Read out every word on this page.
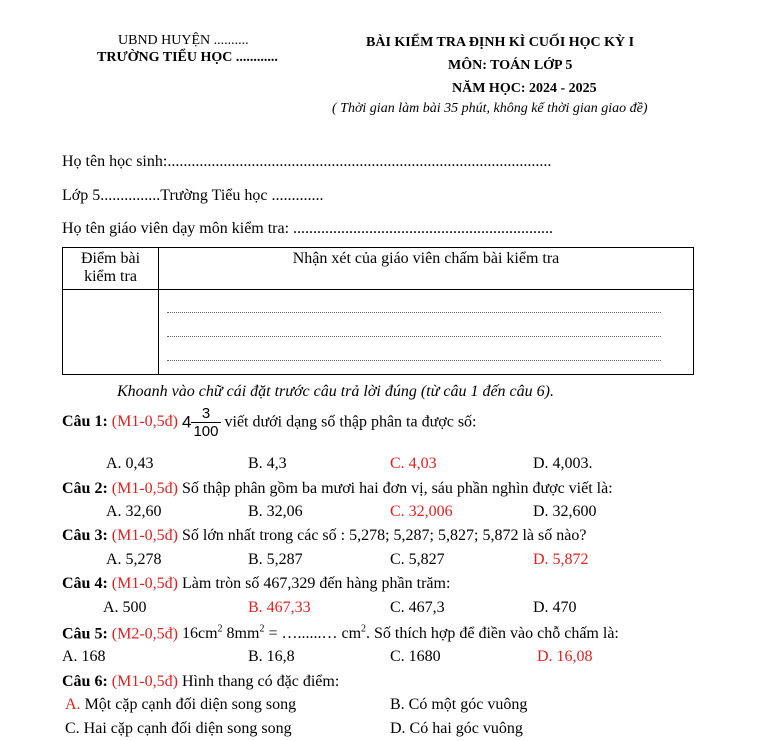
UBND HUYỆN ..........
TRƯỜNG TIỂU HỌC ............
BÀI KIỂM TRA ĐỊNH KÌ CUỐI HỌC KỲ I
MÔN: TOÁN LỚP 5
NĂM HỌC: 2024 - 2025
( Thời gian làm bài 35 phút, không kể thời gian giao đề)
Họ tên học sinh:................................................................................................
Lớp 5...............Trường Tiểu học .............
Họ tên giáo viên dạy môn kiểm tra: .................................................................
Điểm bài kiểm tra	Nhận xét của giáo viên chấm bài kiểm tra

Khoanh vào chữ cái đặt trước câu trả lời đúng (từ câu 1 đến câu 6).
Câu 1: (M1-0,5đ) $4 \frac{3}{100}$ viết dưới dạng số thập phân ta được số:
A. 0,43	B. 4,3	C. 4,03	D. 4,003.
Câu 2: (M1-0,5đ) Số thập phân gồm ba mươi hai đơn vị, sáu phần nghìn được viết là:
A. 32,60	B. 32,06	C. 32,006	D. 32,600
Câu 3: (M1-0,5đ) Số lớn nhất trong các số : 5,278; 5,287; 5,827; 5,872 là số nào?
A. 5,278	B. 5,287	C. 5,827	D. 5,872
Câu 4: (M1-0,5đ) Làm tròn số 467,329 đến hàng phần trăm:
A. 500	B. 467,33	C. 467,3	D. 470
Câu 5: (M2-0,5đ) $16cm^2$ $8mm^2$ = …......… $cm^2$. Số thích hợp để điền vào chỗ chấm là:
A. 168	B. 16,8	C. 1680	D. 16,08
Câu 6: (M1-0,5đ) Hình thang có đặc điểm:
A. Một cặp cạnh đối diện song song	B. Có một góc vuông
C. Hai cặp cạnh đối diện song song	D. Có hai góc vuông
